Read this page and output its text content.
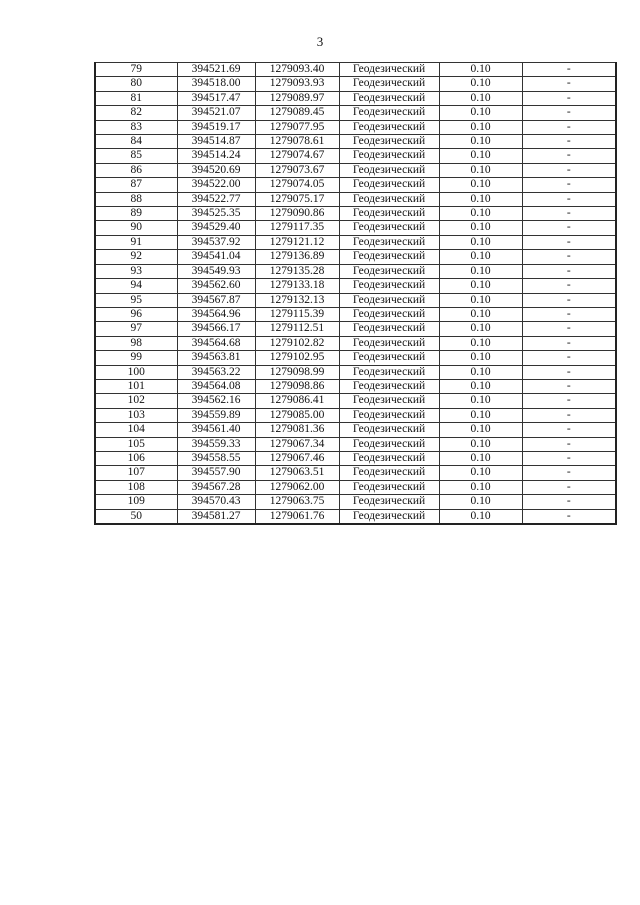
3
79	394521.69	1279093.40	Геодезический	0.10	-
80	394518.00	1279093.93	Геодезический	0.10	-
81	394517.47	1279089.97	Геодезический	0.10	-
82	394521.07	1279089.45	Геодезический	0.10	-
83	394519.17	1279077.95	Геодезический	0.10	-
84	394514.87	1279078.61	Геодезический	0.10	-
85	394514.24	1279074.67	Геодезический	0.10	-
86	394520.69	1279073.67	Геодезический	0.10	-
87	394522.00	1279074.05	Геодезический	0.10	-
88	394522.77	1279075.17	Геодезический	0.10	-
89	394525.35	1279090.86	Геодезический	0.10	-
90	394529.40	1279117.35	Геодезический	0.10	-
91	394537.92	1279121.12	Геодезический	0.10	-
92	394541.04	1279136.89	Геодезический	0.10	-
93	394549.93	1279135.28	Геодезический	0.10	-
94	394562.60	1279133.18	Геодезический	0.10	-
95	394567.87	1279132.13	Геодезический	0.10	-
96	394564.96	1279115.39	Геодезический	0.10	-
97	394566.17	1279112.51	Геодезический	0.10	-
98	394564.68	1279102.82	Геодезический	0.10	-
99	394563.81	1279102.95	Геодезический	0.10	-
100	394563.22	1279098.99	Геодезический	0.10	-
101	394564.08	1279098.86	Геодезический	0.10	-
102	394562.16	1279086.41	Геодезический	0.10	-
103	394559.89	1279085.00	Геодезический	0.10	-
104	394561.40	1279081.36	Геодезический	0.10	-
105	394559.33	1279067.34	Геодезический	0.10	-
106	394558.55	1279067.46	Геодезический	0.10	-
107	394557.90	1279063.51	Геодезический	0.10	-
108	394567.28	1279062.00	Геодезический	0.10	-
109	394570.43	1279063.75	Геодезический	0.10	-
50	394581.27	1279061.76	Геодезический	0.10	-
